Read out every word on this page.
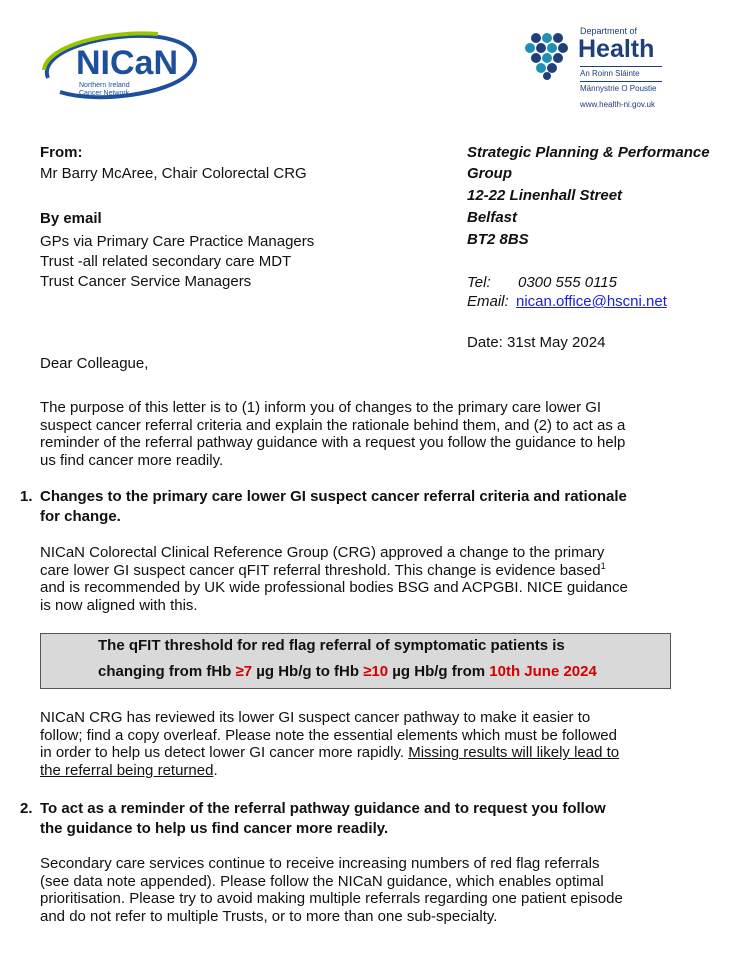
NICaN
Northern Ireland
Cancer Network
Department of
Health
An Roinn Sláinte
Männystrie O Poustie
www.health-ni.gov.uk
From:
Mr Barry McAree, Chair Colorectal CRG
By email
GPs via Primary Care Practice Managers
Trust -all related secondary care MDT
Trust Cancer Service Managers
Strategic Planning & Performance
Group
12-22 Linenhall Street
Belfast
BT2 8BS
Tel: 0300 555 0115
Email: nican.office@hscni.net
Date: 31st May 2024
Dear Colleague,
The purpose of this letter is to (1) inform you of changes to the primary care lower GI
suspect cancer referral criteria and explain the rationale behind them, and (2) to act as a
reminder of the referral pathway guidance with a request you follow the guidance to help
us find cancer more readily.
1. Changes to the primary care lower GI suspect cancer referral criteria and rationale
for change.
NICaN Colorectal Clinical Reference Group (CRG) approved a change to the primary
care lower GI suspect cancer qFIT referral threshold. This change is evidence based$^1$
and is recommended by UK wide professional bodies BSG and ACPGBI. NICE guidance
is now aligned with this.
The qFIT threshold for red flag referral of symptomatic patients is
changing from fHb ≥7 µg Hb/g to fHb ≥10 µg Hb/g from 10th June 2024
NICaN CRG has reviewed its lower GI suspect cancer pathway to make it easier to
follow; find a copy overleaf. Please note the essential elements which must be followed
in order to help us detect lower GI cancer more rapidly. Missing results will likely lead to
the referral being returned.
2. To act as a reminder of the referral pathway guidance and to request you follow
the guidance to help us find cancer more readily.
Secondary care services continue to receive increasing numbers of red flag referrals
(see data note appended). Please follow the NICaN guidance, which enables optimal
prioritisation. Please try to avoid making multiple referrals regarding one patient episode
and do not refer to multiple Trusts, or to more than one sub-specialty.
